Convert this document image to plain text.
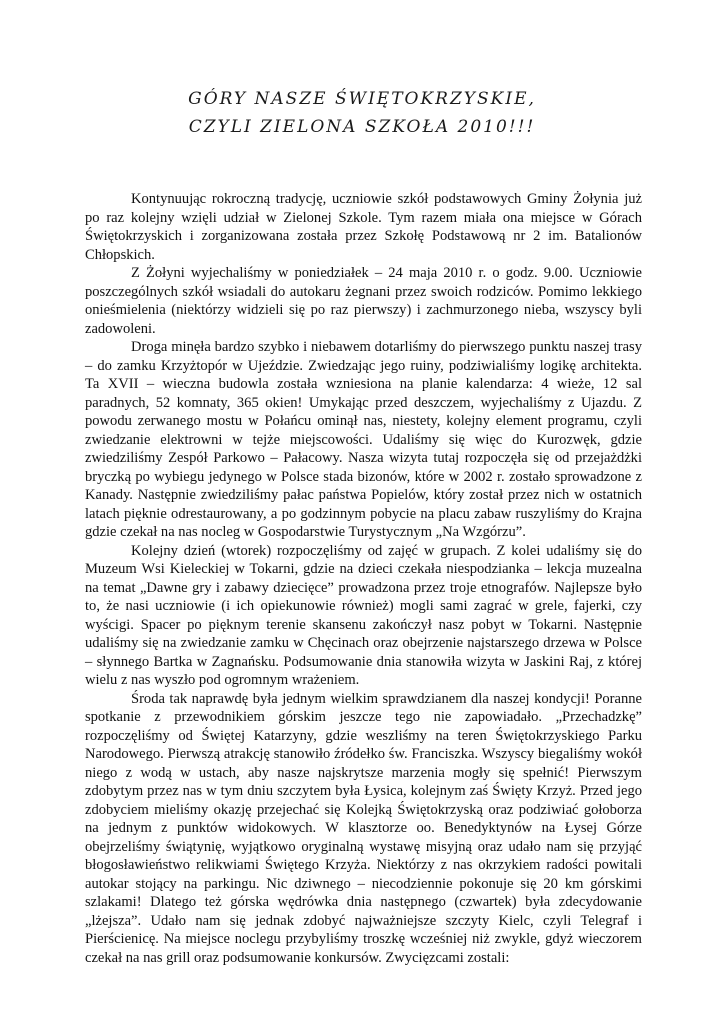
GÓRY NASZE ŚWIĘTOKRZYSKIE,
CZYLI ZIELONA SZKOŁA 2010!!!

Kontynuując rokroczną tradycję, uczniowie szkół podstawowych Gminy Żołynia już po raz kolejny wzięli udział w Zielonej Szkole. Tym razem miała ona miejsce w Górach Świętokrzyskich i zorganizowana została przez Szkołę Podstawową nr 2 im. Batalionów Chłopskich.

Z Żołyni wyjechaliśmy w poniedziałek – 24 maja 2010 r. o godz. 9.00. Uczniowie poszczególnych szkół wsiadali do autokaru żegnani przez swoich rodziców. Pomimo lekkiego onieśmielenia (niektórzy widzieli się po raz pierwszy) i zachmurzonego nieba, wszyscy byli zadowoleni.

Droga minęła bardzo szybko i niebawem dotarliśmy do pierwszego punktu naszej trasy – do zamku Krzyżtopór w Ujeździe. Zwiedzając jego ruiny, podziwialiśmy logikę architekta. Ta XVII – wieczna budowla została wzniesiona na planie kalendarza: 4 wieże, 12 sal paradnych, 52 komnaty, 365 okien! Umykając przed deszczem, wyjechaliśmy z Ujazdu. Z powodu zerwanego mostu w Połańcu ominął nas, niestety, kolejny element programu, czyli zwiedzanie elektrowni w tejże miejscowości. Udaliśmy się więc do Kurozwęk, gdzie zwiedziliśmy Zespół Parkowo – Pałacowy. Nasza wizyta tutaj rozpoczęła się od przejażdżki bryczką po wybiegu jedynego w Polsce stada bizonów, które w 2002 r. zostało sprowadzone z Kanady. Następnie zwiedziliśmy pałac państwa Popielów, który został przez nich w ostatnich latach pięknie odrestaurowany, a po godzinnym pobycie na placu zabaw ruszyliśmy do Krajna gdzie czekał na nas nocleg w Gospodarstwie Turystycznym „Na Wzgórzu”.

Kolejny dzień (wtorek) rozpoczęliśmy od zajęć w grupach. Z kolei udaliśmy się do Muzeum Wsi Kieleckiej w Tokarni, gdzie na dzieci czekała niespodzianka – lekcja muzealna na temat „Dawne gry i zabawy dziecięce” prowadzona przez troje etnografów. Najlepsze było to, że nasi uczniowie (i ich opiekunowie również) mogli sami zagrać w grele, fajerki, czy wyścigi. Spacer po pięknym terenie skansenu zakończył nasz pobyt w Tokarni. Następnie udaliśmy się na zwiedzanie zamku w Chęcinach oraz obejrzenie najstarszego drzewa w Polsce – słynnego Bartka w Zagnańsku. Podsumowanie dnia stanowiła wizyta w Jaskini Raj, z której wielu z nas wyszło pod ogromnym wrażeniem.

Środa tak naprawdę była jednym wielkim sprawdzianem dla naszej kondycji! Poranne spotkanie z przewodnikiem górskim jeszcze tego nie zapowiadało. „Przechadzkę” rozpoczęliśmy od Świętej Katarzyny, gdzie weszliśmy na teren Świętokrzyskiego Parku Narodowego. Pierwszą atrakcję stanowiło źródełko św. Franciszka. Wszyscy biegaliśmy wokół niego z wodą w ustach, aby nasze najskrytsze marzenia mogły się spełnić! Pierwszym zdobytym przez nas w tym dniu szczytem była Łysica, kolejnym zaś Święty Krzyż. Przed jego zdobyciem mieliśmy okazję przejechać się Kolejką Świętokrzyską oraz podziwiać gołoborza na jednym z punktów widokowych. W klasztorze oo. Benedyktynów na Łysej Górze obejrzeliśmy świątynię, wyjątkowo oryginalną wystawę misyjną oraz udało nam się przyjąć błogosławieństwo relikwiami Świętego Krzyża. Niektórzy z nas okrzykiem radości powitali autokar stojący na parkingu. Nic dziwnego – niecodziennie pokonuje się 20 km górskimi szlakami! Dlatego też górska wędrówka dnia następnego (czwartek) była zdecydowanie „lżejsza”. Udało nam się jednak zdobyć najważniejsze szczyty Kielc, czyli Telegraf i Pierścienicę. Na miejsce noclegu przybyliśmy troszkę wcześniej niż zwykle, gdyż wieczorem czekał na nas grill oraz podsumowanie konkursów. Zwycięzcami zostali:
